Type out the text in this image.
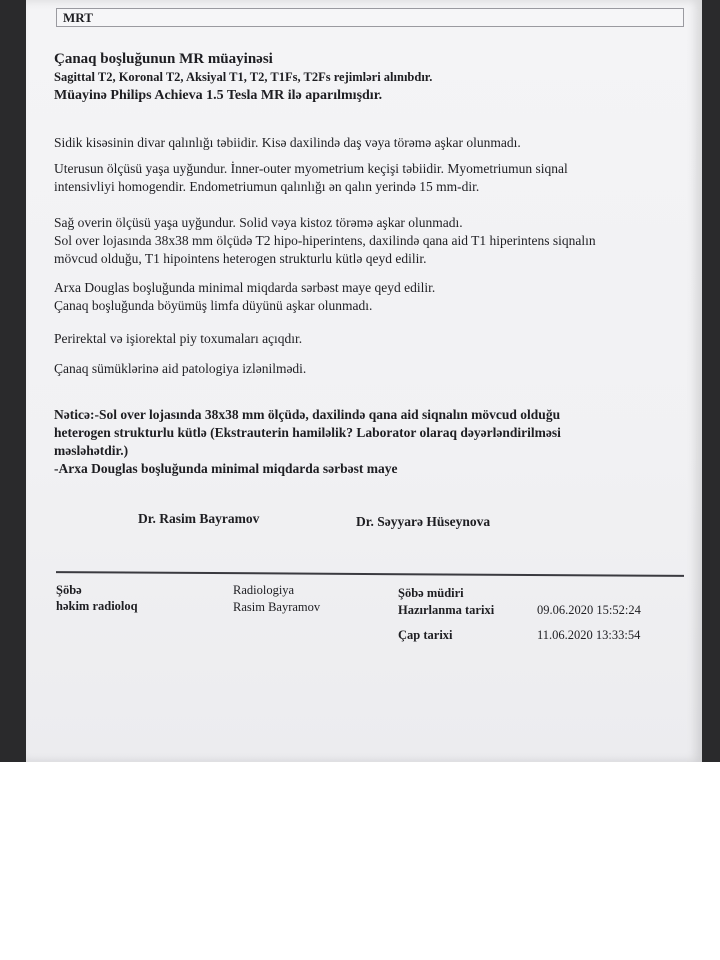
MRT
Çanaq boşluğunun MR müayinəsi
Sagittal T2, Koronal T2, Aksiyal T1, T2, T1Fs, T2Fs rejimləri alınıbdır.
Müayinə Philips Achieva 1.5 Tesla MR ilə aparılmışdır.
Sidik kisəsinin divar qalınlığı təbiidir. Kisə daxilində daş vəya törəmə aşkar olunmadı.
Uterusun ölçüsü yaşa uyğundur. İnner-outer myometrium keçişi təbiidir. Myometriumun siqnal
intensivliyi homogendir. Endometriumun qalınlığı ən qalın yerində 15 mm-dir.
Sağ overin ölçüsü yaşa uyğundur. Solid vəya kistoz törəmə aşkar olunmadı.
Sol over lojasında 38x38 mm ölçüdə T2 hipo-hiperintens, daxilində qana aid T1 hiperintens siqnalın
mövcud olduğu, T1 hipointens heterogen strukturlu kütlə qeyd edilir.
Arxa Douglas boşluğunda minimal miqdarda sərbəst maye qeyd edilir.
Çanaq boşluğunda böyümüş limfa düyünü aşkar olunmadı.
Perirektal və işiorektal piy toxumaları açıqdır.
Çanaq sümüklərinə aid patologiya izlənilmədi.
Nəticə:-Sol over lojasında 38x38 mm ölçüdə, daxilində qana aid siqnalın mövcud olduğu
heterogen strukturlu kütlə (Ekstrauterin hamiləlik? Laborator olaraq dəyərləndirilməsi
məsləhətdir.)
-Arxa Douglas boşluğunda minimal miqdarda sərbəst maye
Dr. Rasim Bayramov	Dr. Səyyarə Hüseynova
Şöbə
həkim radioloq
Radiologiya
Rasim Bayramov
Şöbə müdiri
Hazırlanma tarixi
Çap tarixi
09.06.2020 15:52:24
11.06.2020 13:33:54
